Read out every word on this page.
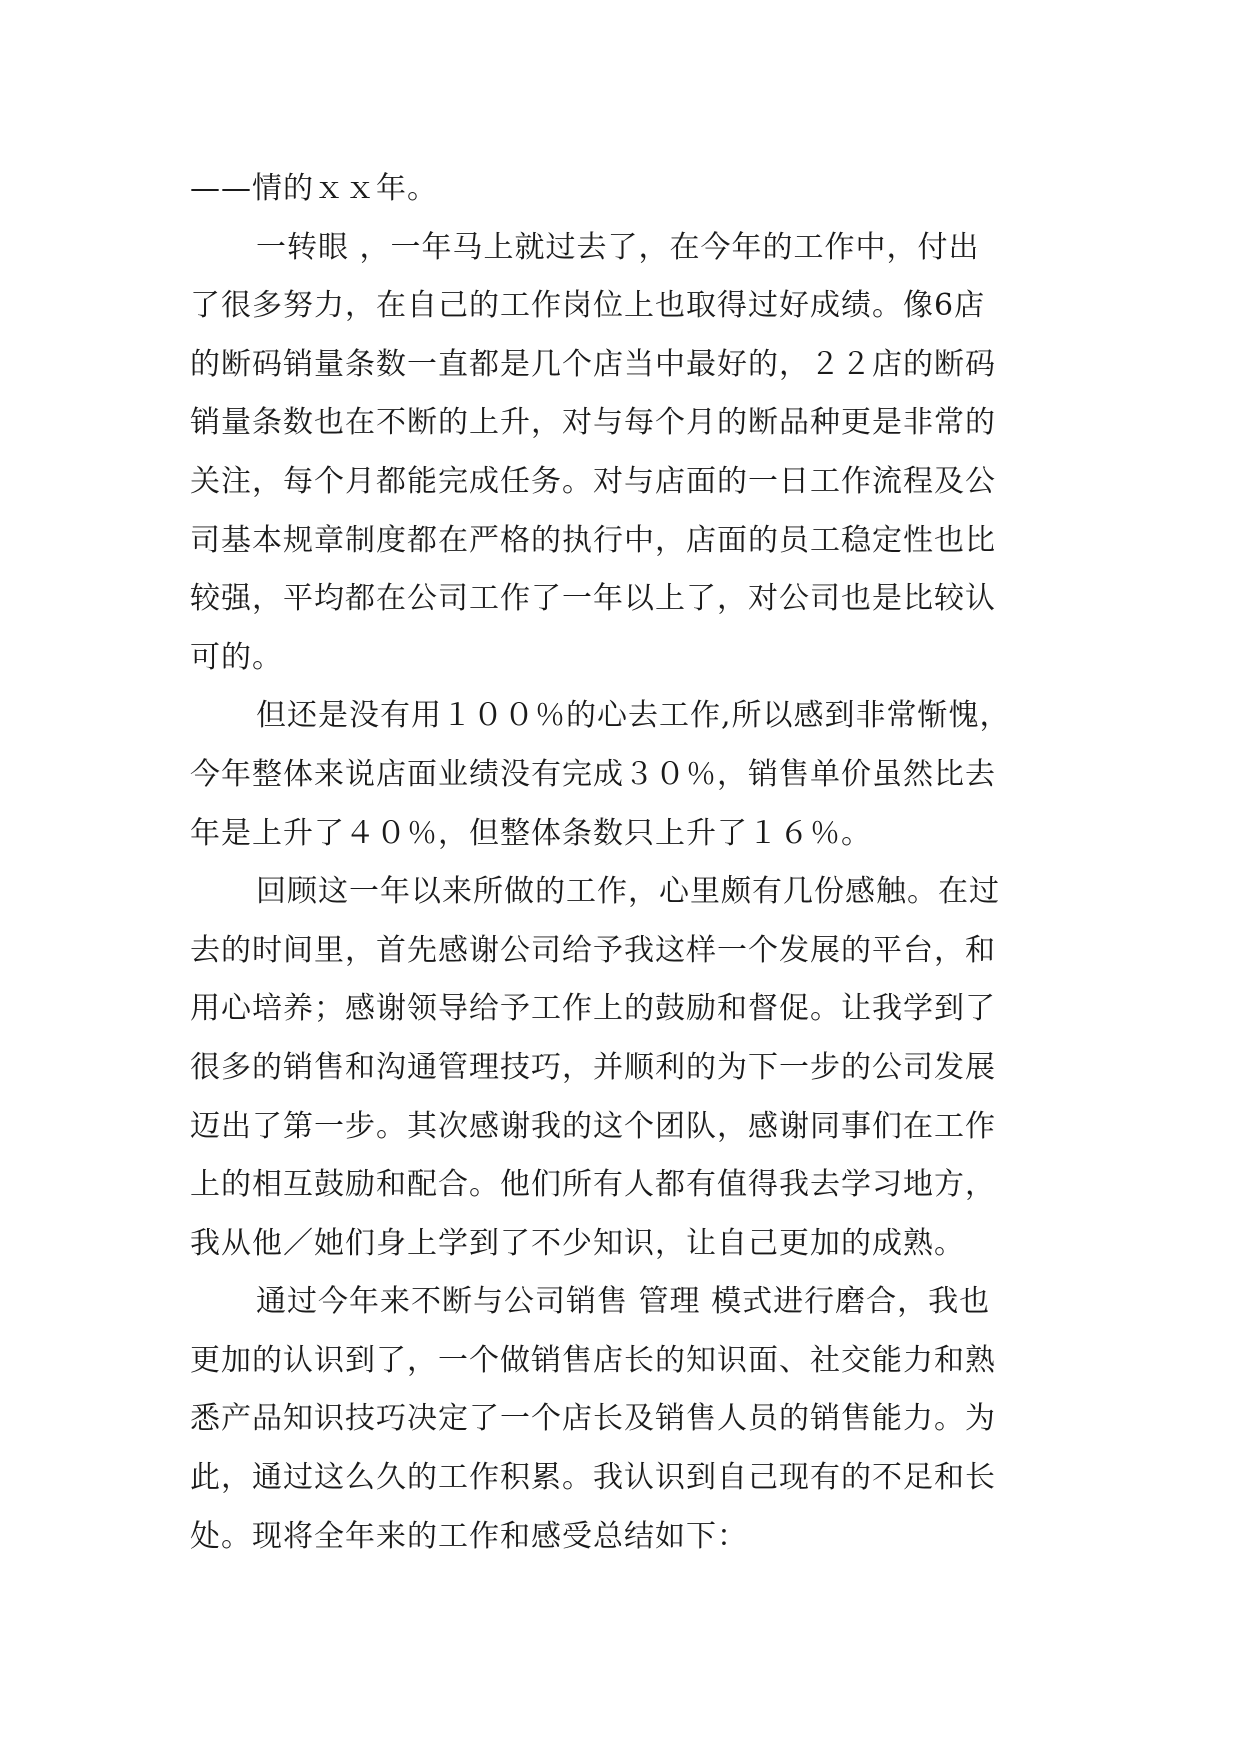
——情的ｘｘ年。
一转眼 ，一年马上就过去了，在今年的工作中，付出
了很多努力，在自己的工作岗位上也取得过好成绩。像6店
的断码销量条数一直都是几个店当中最好的，２２店的断码
销量条数也在不断的上升，对与每个月的断品种更是非常的
关注，每个月都能完成任务。对与店面的一日工作流程及公
司基本规章制度都在严格的执行中，店面的员工稳定性也比
较强，平均都在公司工作了一年以上了，对公司也是比较认
可的。
但还是没有用１００％的心去工作,所以感到非常惭愧，
今年整体来说店面业绩没有完成３０％，销售单价虽然比去
年是上升了４０％，但整体条数只上升了１６％。
回顾这一年以来所做的工作，心里颇有几份感触。在过
去的时间里，首先感谢公司给予我这样一个发展的平台，和
用心培养；感谢领导给予工作上的鼓励和督促。让我学到了
很多的销售和沟通管理技巧，并顺利的为下一步的公司发展
迈出了第一步。其次感谢我的这个团队，感谢同事们在工作
上的相互鼓励和配合。他们所有人都有值得我去学习地方，
我从他／她们身上学到了不少知识，让自己更加的成熟。
通过今年来不断与公司销售 管理 模式进行磨合，我也
更加的认识到了，一个做销售店长的知识面、社交能力和熟
悉产品知识技巧决定了一个店长及销售人员的销售能力。为
此，通过这么久的工作积累。我认识到自己现有的不足和长
处。现将全年来的工作和感受总结如下：
